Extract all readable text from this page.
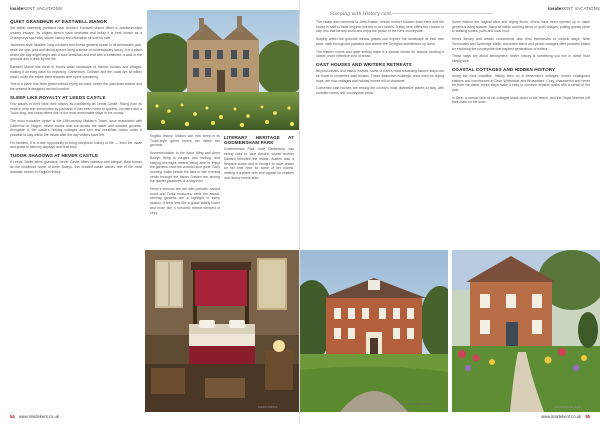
insideKENT VACATIONS
QUIET GRANDEUR AT EASTWELL MANOR

Set within sweeping parkland near Ashford, Eastwell Manor offers a Jacobean-style country escape. Its origins stretch back centuries and today it is best known as a Champneys spa hotel, where history and relaxation sit side by side.

Jacobean-style facades, long corridors and formal gardens speak to its aristocratic past, while the spa, pool and dining spaces bring a sense of contemporary luxury. It is a place where the day might begin with a slow breakfast and end with a treatment, a walk in the grounds and a drink by the fire.

Eastwell Manor sits close to Kent's wider landscape of historic houses and villages, making it an easy base for exploring. Canterbury, Chilham and the coast are all within reach, while the estate itself rewards time spent wandering.

This is a place that feels grand without trying too hard, where the past adds texture and the present is designed around comfort.

SLEEP LIKE ROYALTY AT LEEDS CASTLE

Few places in Kent wear their history as confidently as Leeds Castle. Rising from its moat in mist and surrounded by parkland, it has been home to queens, courtiers and a Tudor king, and today offers one of the most memorable stays in the county.

The most evocative option is the 19th-century Maiden's Tower, once associated with Catherine of Aragon, where rooms look out across the water and wooded grounds. Alongside it, the castle's holiday cottages and bed and breakfast rooms make it possible to stay within the estate after the day visitors have left.

For families, it is a rare opportunity to bring storybook history to life — from the maze and grotto to falconry displays and boat trips.

TUDOR SHADOWS AT HEVER CASTLE

If Leeds Castle offers grandeur, Hever Castle offers intimacy and intrigue. Best known as the childhood home of Anne Boleyn, this moated castle carries one of the most dramatic stories in English history.

English history. Visitors can now sleep in its Tudor-style guest rooms set within the grounds.

Accommodation in the Astor Wing and Anne Boleyn Wing is elegant and inviting, and staying overnight means being able to enjoy the gardens once the crowds have gone. Early morning walks beside the lake or late evening strolls through the Italian Garden are among the quieter pleasures of a stay here.

Hever's interiors are rich with portraits, carved wood and Tudor treasures, while the award-winning gardens are a highlight in every season. It feels less like a grand stately home and more like a romantic retreat steeped in story.

LITERARY HERITAGE AT GODMERSHAM PARK

Godmersham Park, near Canterbury, has strong links to Jane Austen, whose brother Edward inherited the estate. Austen was a frequent visitor and is thought to have drawn on her time here for some of her novels, making it a place with real appeal for readers and history lovers alike.

LEEDS CASTLE
54 www.insidekent.co.uk
Sleeping with History cont.
insideKENT VACATIONS

The estate also connects to Jane Austen, whose brother Edward lived there and the house is said to have inspired scenes in her novels. A stay here offers the chance to step into that literary world and enjoy the peace of the Kent countryside.

Staying within the grounds means guests can explore the landscape at their own pace, walk through the parkland and admire the Georgian architecture up close.

The historic rooms and quiet setting make it a special choice for anyone seeking a slower, more reflective kind of break.

OAST HOUSES AND WRITERS RETREATS

Beyond castles and manor houses, some of Kent's most rewarding historic stays can be found in converted oast houses. These distinctive buildings, once used for drying hops, are now cottages and holiday homes full of character.

Converted oast houses are among the county's most distinctive places to stay, with rounded rooms and countryside views.

Some feature the original kilns and drying floors, others have been opened up to make generous living spaces. Many sit within working farms or quiet villages, putting guests close to walking routes, pubs and local food.

Kent's literary and artistic connections also lend themselves to historic stays. Near Sevenoaks and Tunbridge Wells, converted barns and period cottages offer peaceful bases for exploring the countryside that inspired generations of writers.

These stays are about atmosphere, where history is something you live in rather than simply visit.

COASTAL COTTAGES AND HIDDEN HISTORY

Along the Kent coastline, history lives on in fishermen's cottages, former coastguard stations and townhouses in Deal, Whitstable and Broadstairs. Cosy, characterful and never far from the water, these stays make it easy to combine seaside walks with a sense of the past.

In Deal, a narrow lane of old cottages leads down to the beach, and the Royal Marines left their mark on the town.

Godmersham Park
GODMERSHAM PARK
www.insidekent.co.uk 55
